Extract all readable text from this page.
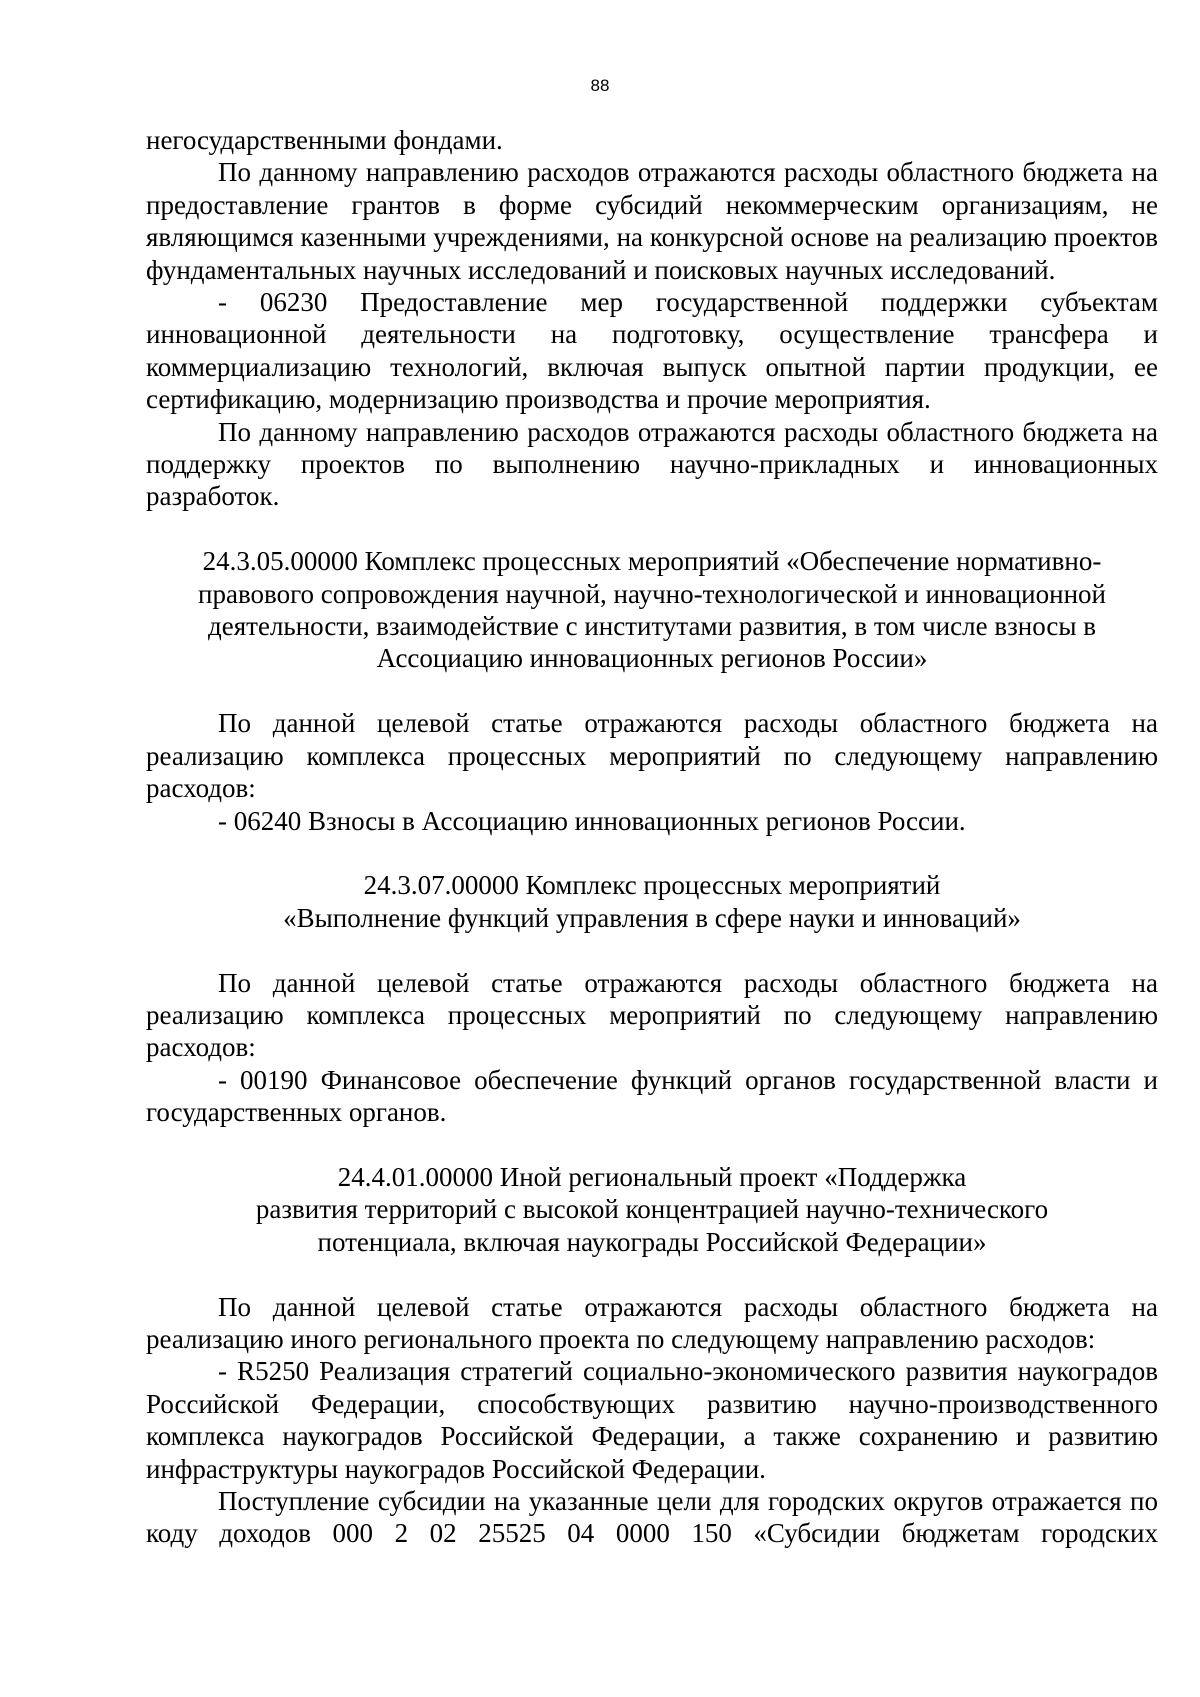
88

негосударственными фондами.

По данному направлению расходов отражаются расходы областного бюджета на предоставление грантов в форме субсидий некоммерческим организациям, не являющимся казенными учреждениями, на конкурсной основе на реализацию проектов фундаментальных научных исследований и поисковых научных исследований.

- 06230 Предоставление мер государственной поддержки субъектам инновационной деятельности на подготовку, осуществление трансфера и коммерциализацию технологий, включая выпуск опытной партии продукции, ее сертификацию, модернизацию производства и прочие мероприятия.

По данному направлению расходов отражаются расходы областного бюджета на поддержку проектов по выполнению научно-прикладных и инновационных разработок.

24.3.05.00000 Комплекс процессных мероприятий «Обеспечение нормативно-
правового сопровождения научной, научно-технологической и инновационной
деятельности, взаимодействие с институтами развития, в том числе взносы в
Ассоциацию инновационных регионов России»

По данной целевой статье отражаются расходы областного бюджета на реализацию комплекса процессных мероприятий по следующему направлению расходов:

- 06240 Взносы в Ассоциацию инновационных регионов России.

24.3.07.00000 Комплекс процессных мероприятий
«Выполнение функций управления в сфере науки и инноваций»

По данной целевой статье отражаются расходы областного бюджета на реализацию комплекса процессных мероприятий по следующему направлению расходов:

- 00190 Финансовое обеспечение функций органов государственной власти и государственных органов.

24.4.01.00000 Иной региональный проект «Поддержка
развития территорий с высокой концентрацией научно-технического
потенциала, включая наукограды Российской Федерации»

По данной целевой статье отражаются расходы областного бюджета на реализацию иного регионального проекта по следующему направлению расходов:

- R5250 Реализация стратегий социально-экономического развития наукоградов Российской Федерации, способствующих развитию научно-производственного комплекса наукоградов Российской Федерации, а также сохранению и развитию инфраструктуры наукоградов Российской Федерации.

Поступление субсидии на указанные цели для городских округов отражается по коду доходов 000 2 02 25525 04 0000 150 «Субсидии бюджетам городских
